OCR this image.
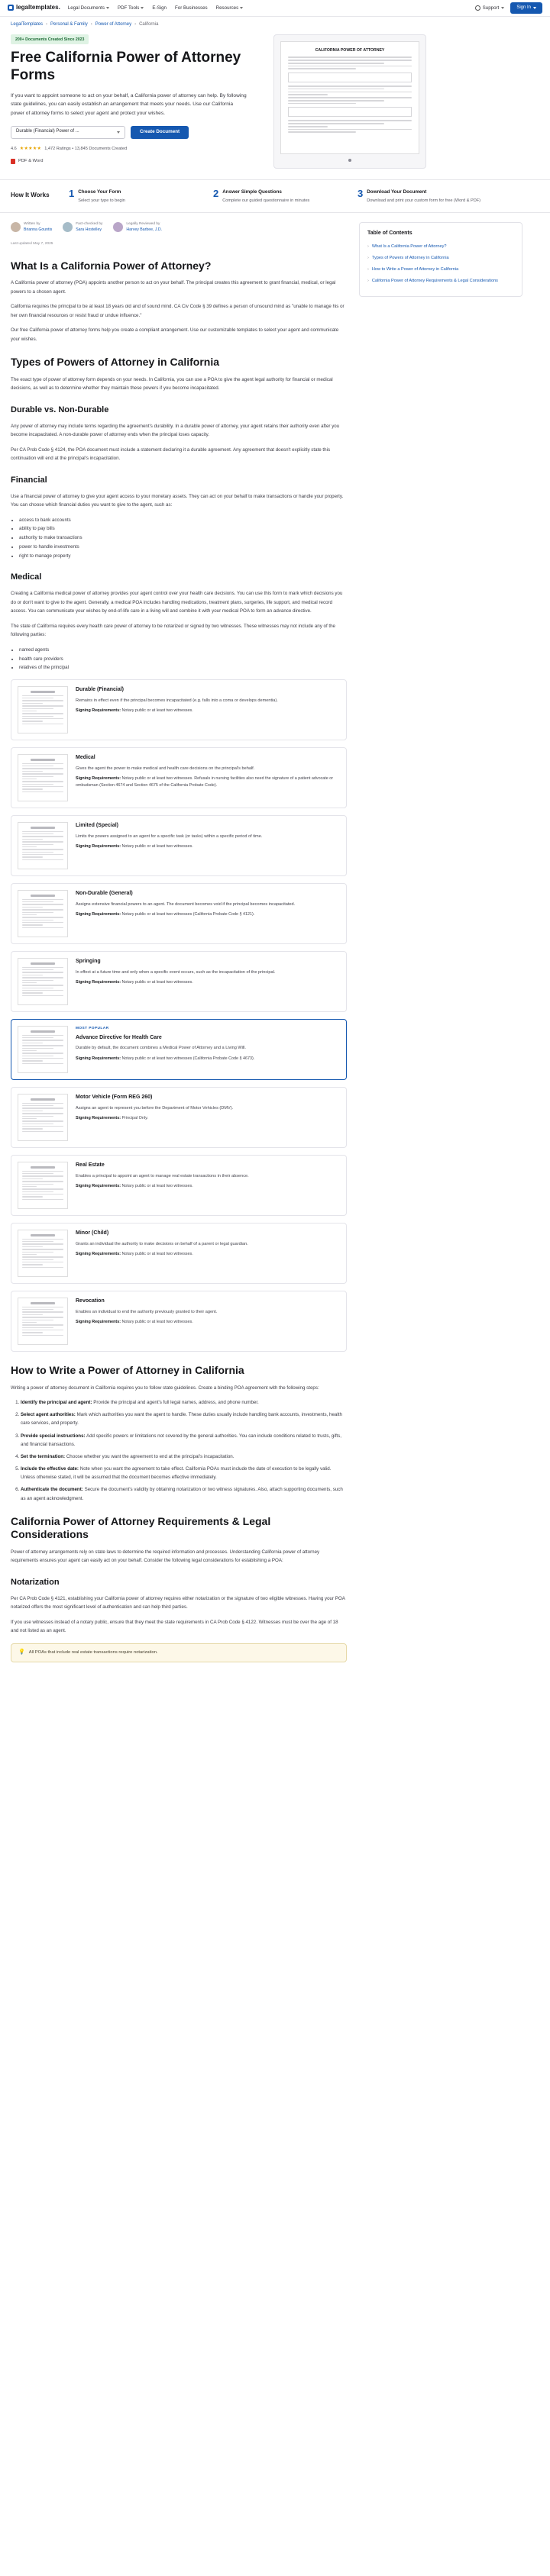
legaltemplates. Legal Documents	PDF Tools	E-Sign For Businesses Resources	Support	Sign In
LegalTemplates › Personal & Family › Power of Attorney › California
200+ Documents Created Since 2023
Free California Power of Attorney Forms
If you want to appoint someone to act on your behalf, a California power of attorney can help. By following state guidelines, you can easily establish an arrangement that meets your needs. Use our California power of attorney forms to select your agent and protect your wishes.
Durable (Financial) Power of ...	Create Document
4.6 ★★★★★ 1,472 Ratings • 13,845 Documents Created
PDF & Word
CALIFORNIA POWER OF ATTORNEY
How It Works	1 Choose Your Form

Select your type to begin

2 Answer Simple Questions

Complete our guided questionnaire in minutes

3 Download Your Document

Download and print your custom form for free (Word & PDF)

Written by
Brianna Gountis
Fact-checked by
Sara Hostelley
Legally Reviewed by
Harvey Barbee, J.D.
Last updated May 7, 2025
What Is a California Power of Attorney?

A California power of attorney (POA) appoints another person to act on your behalf. The principal creates this agreement to grant financial, medical, or legal powers to a chosen agent.

California requires the principal to be at least 18 years old and of sound mind. CA Civ Code § 39 defines a person of unsound mind as "unable to manage his or her own financial resources or resist fraud or undue influence."

Our free California power of attorney forms help you create a compliant arrangement. Use our customizable templates to select your agent and communicate your wishes.

Types of Powers of Attorney in California

The exact type of power of attorney form depends on your needs. In California, you can use a POA to give the agent legal authority for financial or medical decisions, as well as to determine whether they maintain these powers if you become incapacitated.

Durable vs. Non-Durable

Any power of attorney may include terms regarding the agreement's durability. In a durable power of attorney, your agent retains their authority even after you become incapacitated. A non-durable power of attorney ends when the principal loses capacity.

Per CA Prob Code § 4124, the POA document must include a statement declaring it a durable agreement. Any agreement that doesn't explicitly state this continuation will end at the principal's incapacitation.

Financial

Use a financial power of attorney to give your agent access to your monetary assets. They can act on your behalf to make transactions or handle your property. You can choose which financial duties you want to give to the agent, such as:

• access to bank accounts
• ability to pay bills
• authority to make transactions
• power to handle investments
• right to manage property
Medical

Creating a California medical power of attorney provides your agent control over your health care decisions. You can use this form to mark which decisions you do or don't want to give to the agent. Generally, a medical POA includes handling medications, treatment plans, surgeries, life support, and medical record access. You can communicate your wishes by end-of-life care in a living will and combine it with your medical POA to form an advance directive.

The state of California requires every health care power of attorney to be notarized or signed by two witnesses. These witnesses may not include any of the following parties:

• named agents
• health care providers
• relatives of the principal
Durable (Financial)

Remains in effect even if the principal becomes incapacitated (e.g. falls into a coma or develops dementia).

Signing Requirements: Notary public or at least two witnesses.
Medical

Gives the agent the power to make medical and health care decisions on the principal's behalf.

Signing Requirements: Notary public or at least two witnesses. Refusals in nursing facilities also need the signature of a patient advocate or ombudsman (Section 4674 and Section 4675 of the California Probate Code).
Limited (Special)

Limits the powers assigned to an agent for a specific task (or tasks) within a specific period of time.

Signing Requirements: Notary public or at least two witnesses.
Non-Durable (General)

Assigns extensive financial powers to an agent. The document becomes void if the principal becomes incapacitated.

Signing Requirements: Notary public or at least two witnesses (California Probate Code § 4121).
Springing

In effect at a future time and only when a specific event occurs, such as the incapacitation of the principal.

Signing Requirements: Notary public or at least two witnesses.
MOST POPULAR
Advance Directive for Health Care

Durable by default, the document combines a Medical Power of Attorney and a Living Will.

Signing Requirements: Notary public or at least two witnesses (California Probate Code § 4673).
Motor Vehicle (Form REG 260)

Assigns an agent to represent you before the Department of Motor Vehicles (DMV).

Signing Requirements: Principal Only.
Real Estate

Enables a principal to appoint an agent to manage real estate transactions in their absence.

Signing Requirements: Notary public or at least two witnesses.
Minor (Child)

Grants an individual the authority to make decisions on behalf of a parent or legal guardian.

Signing Requirements: Notary public or at least two witnesses.
Revocation

Enables an individual to end the authority previously granted to their agent.

Signing Requirements: Notary public or at least two witnesses.
How to Write a Power of Attorney in California

Writing a power of attorney document in California requires you to follow state guidelines. Create a binding POA agreement with the following steps:

1. Identify the principal and agent: Provide the principal and agent's full legal names, address, and phone number.
2. Select agent authorities: Mark which authorities you want the agent to handle. These duties usually include handling bank accounts, investments, health care services, and property.
3. Provide special instructions: Add specific powers or limitations not covered by the general authorities. You can include conditions related to trusts, gifts, and financial transactions.
4. Set the termination: Choose whether you want the agreement to end at the principal's incapacitation.
5. Include the effective date: Note when you want the agreement to take effect. California POAs must include the date of execution to be legally valid. Unless otherwise stated, it will be assumed that the document becomes effective immediately.
6. Authenticate the document: Secure the document's validity by obtaining notarization or two witness signatures. Also, attach supporting documents, such as an agent acknowledgment.
California Power of Attorney Requirements & Legal Considerations

Power of attorney arrangements rely on state laws to determine the required information and processes. Understanding California power of attorney requirements ensures your agent can easily act on your behalf. Consider the following legal considerations for establishing a POA:

Notarization

Per CA Prob Code § 4121, establishing your California power of attorney requires either notarization or the signature of two eligible witnesses. Having your POA notarized offers the most significant level of authentication and can help third parties.

If you use witnesses instead of a notary public, ensure that they meet the state requirements in CA Prob Code § 4122. Witnesses must be over the age of 18 and not listed as an agent.

💡 All POAs that include real estate transactions require notarization.
Table of Contents
› What Is a California Power of Attorney?
› Types of Powers of Attorney in California
› How to Write a Power of Attorney in California
› California Power of Attorney Requirements & Legal Considerations
